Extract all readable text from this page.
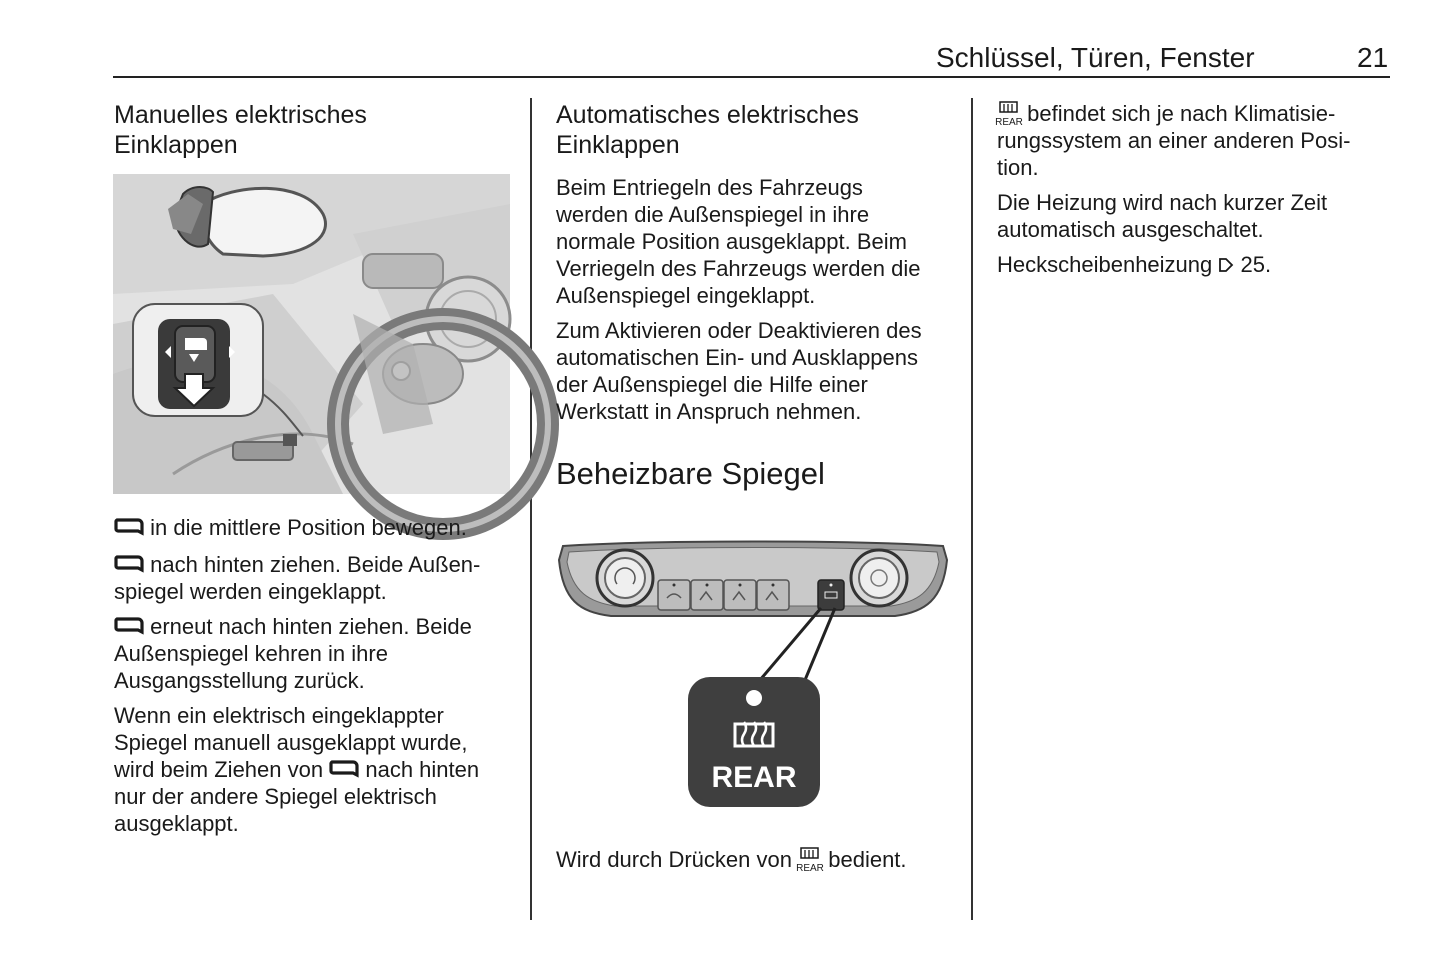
Schlüssel, Türen, Fenster	21
Manuelles elektrisches
Einklappen

in die mittlere Position bewegen.

nach hinten ziehen. Beide Außen-
spiegel werden eingeklappt.

erneut nach hinten ziehen. Beide
Außenspiegel kehren in ihre
Ausgangsstellung zurück.

Wenn ein elektrisch eingeklappter
Spiegel manuell ausgeklappt wurde,
wird beim Ziehen von nach hinten
nur der andere Spiegel elektrisch
ausgeklappt.

Automatisches elektrisches
Einklappen

Beim Entriegeln des Fahrzeugs
werden die Außenspiegel in ihre
normale Position ausgeklappt. Beim
Verriegeln des Fahrzeugs werden die
Außenspiegel eingeklappt.

Zum Aktivieren oder Deaktivieren des
automatischen Ein- und Ausklappens
der Außenspiegel die Hilfe einer
Werkstatt in Anspruch nehmen.

Beheizbare Spiegel
REAR

Wird durch Drücken von REAR bedient.

REAR befindet sich je nach Klimatisie-
rungssystem an einer anderen Posi-
tion.

Die Heizung wird nach kurzer Zeit
automatisch ausgeschaltet.

Heckscheibenheizung 25.
